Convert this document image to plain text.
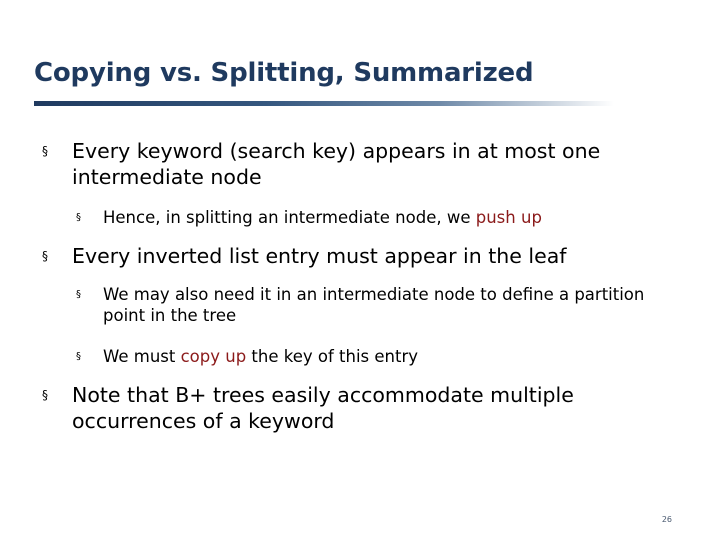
Copying vs. Splitting, Summarized

§ Every keyword (search key) appears in at most one intermediate node

§ Hence, in splitting an intermediate node, we push up

§ Every inverted list entry must appear in the leaf

§ We may also need it in an intermediate node to define a partition point in the tree

§ We must copy up the key of this entry

§ Note that B+ trees easily accommodate multiple occurrences of a keyword

26
